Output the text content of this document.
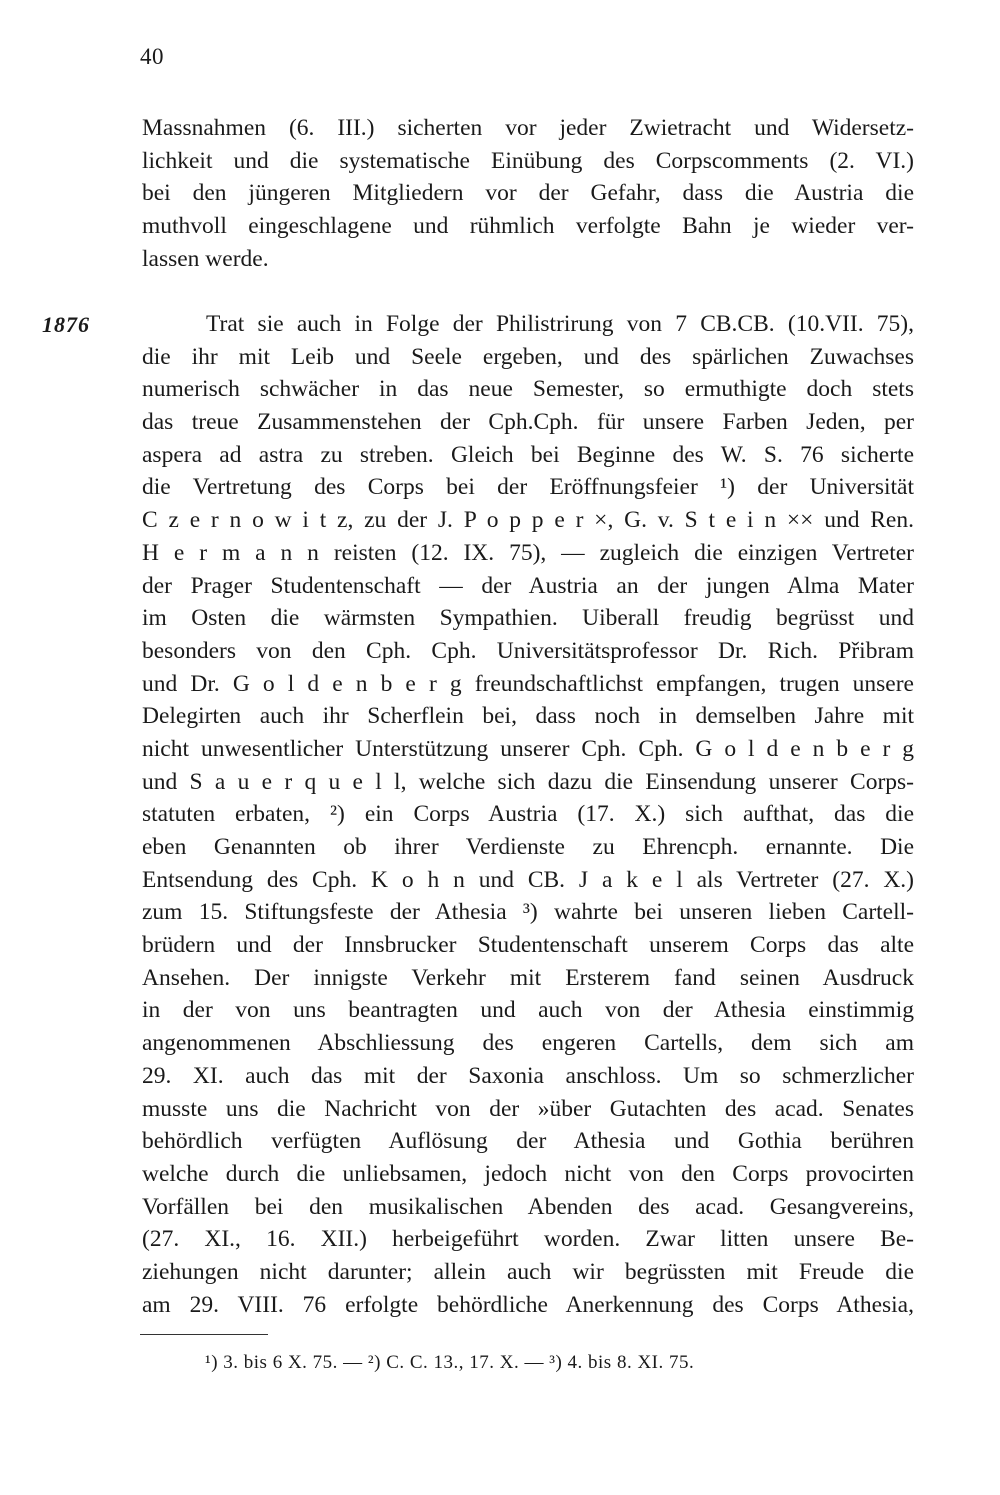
40
1876
Massnahmen (6. III.) sicherten vor jeder Zwietracht und Widersetz-
lichkeit und die systematische Einübung des Corpscomments (2. VI.)
bei den jüngeren Mitgliedern vor der Gefahr, dass die Austria die
muthvoll eingeschlagene und rühmlich verfolgte Bahn je wieder ver-
lassen werde.
Trat sie auch in Folge der Philistrirung von 7 CB.CB. (10.VII. 75),
die ihr mit Leib und Seele ergeben, und des spärlichen Zuwachses
numerisch schwächer in das neue Semester, so ermuthigte doch stets
das treue Zusammenstehen der Cph.Cph. für unsere Farben Jeden, per
aspera ad astra zu streben. Gleich bei Beginne des W. S. 76 sicherte
die Vertretung des Corps bei der Eröffnungsfeier ¹) der Universität
C z e r n o w i t z, zu der J. P o p p e r ×, G. v. S t e i n ×× und Ren.
H e r m a n n reisten (12. IX. 75), — zugleich die einzigen Vertreter
der Prager Studentenschaft — der Austria an der jungen Alma Mater
im Osten die wärmsten Sympathien. Uiberall freudig begrüsst und
besonders von den Cph. Cph. Universitätsprofessor Dr. Rich. Přibram
und Dr. G o l d e n b e r g freundschaftlichst empfangen, trugen unsere
Delegirten auch ihr Scherflein bei, dass noch in demselben Jahre mit
nicht unwesentlicher Unterstützung unserer Cph. Cph. G o l d e n b e r g
und S a u e r q u e l l, welche sich dazu die Einsendung unserer Corps-
statuten erbaten, ²) ein Corps Austria (17. X.) sich aufthat, das die
eben Genannten ob ihrer Verdienste zu Ehrencph. ernannte. Die
Entsendung des Cph. K o h n und CB. J a k e l als Vertreter (27. X.)
zum 15. Stiftungsfeste der Athesia ³) wahrte bei unseren lieben Cartell-
brüdern und der Innsbrucker Studentenschaft unserem Corps das alte
Ansehen. Der innigste Verkehr mit Ersterem fand seinen Ausdruck
in der von uns beantragten und auch von der Athesia einstimmig
angenommenen Abschliessung des engeren Cartells, dem sich am
29. XI. auch das mit der Saxonia anschloss. Um so schmerzlicher
musste uns die Nachricht von der »über Gutachten des acad. Senates
behördlich verfügten Auflösung der Athesia und Gothia berühren
welche durch die unliebsamen, jedoch nicht von den Corps provocirten
Vorfällen bei den musikalischen Abenden des acad. Gesangvereins,
(27. XI., 16. XII.) herbeigeführt worden. Zwar litten unsere Be-
ziehungen nicht darunter; allein auch wir begrüssten mit Freude die
am 29. VIII. 76 erfolgte behördliche Anerkennung des Corps Athesia,
¹) 3. bis 6 X. 75. — ²) C. C. 13., 17. X. — ³) 4. bis 8. XI. 75.
